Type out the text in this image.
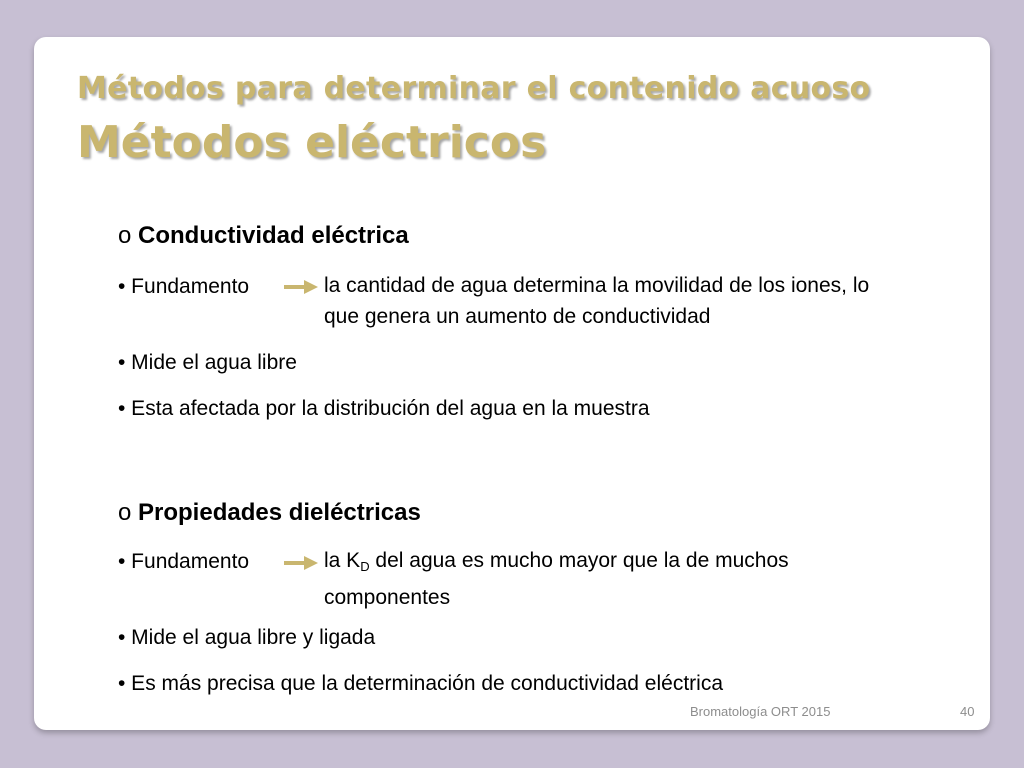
Métodos para determinar el contenido acuoso
Métodos eléctricos
o Conductividad eléctrica
• Fundamento	la cantidad de agua determina la movilidad de los iones, lo
que genera un aumento de conductividad
• Mide el agua libre
• Esta afectada por la distribución del agua en la muestra
o Propiedades dieléctricas
• Fundamento	la $K_D$ del agua es mucho mayor que la de muchos
componentes
• Mide el agua libre y ligada
• Es más precisa que la determinación de conductividad eléctrica
Bromatología ORT 2015	40
